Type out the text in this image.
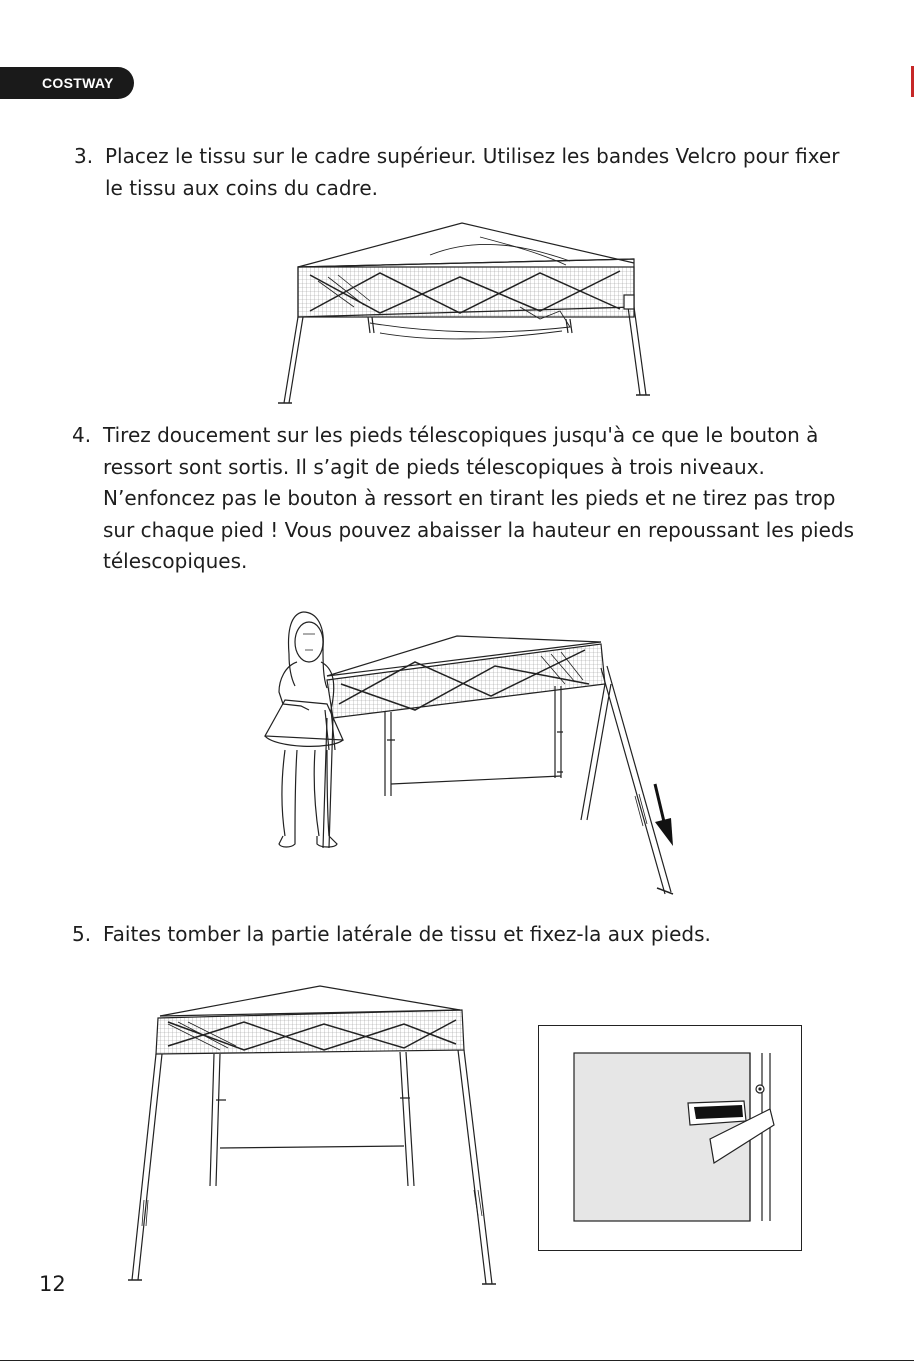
COSTWAY
3. Placez le tissu sur le cadre supérieur. Utilisez les bandes Velcro pour fixer le tissu aux coins du cadre.
4. Tirez doucement sur les pieds télescopiques jusqu'à ce que le bouton à ressort sont sortis. Il s’agit de pieds télescopiques à trois niveaux. N’enfoncez pas le bouton à ressort en tirant les pieds et ne tirez pas trop sur chaque pied ! Vous pouvez abaisser la hauteur en repoussant les pieds télescopiques.
5. Faites tomber la partie latérale de tissu et fixez-la aux pieds.
12
